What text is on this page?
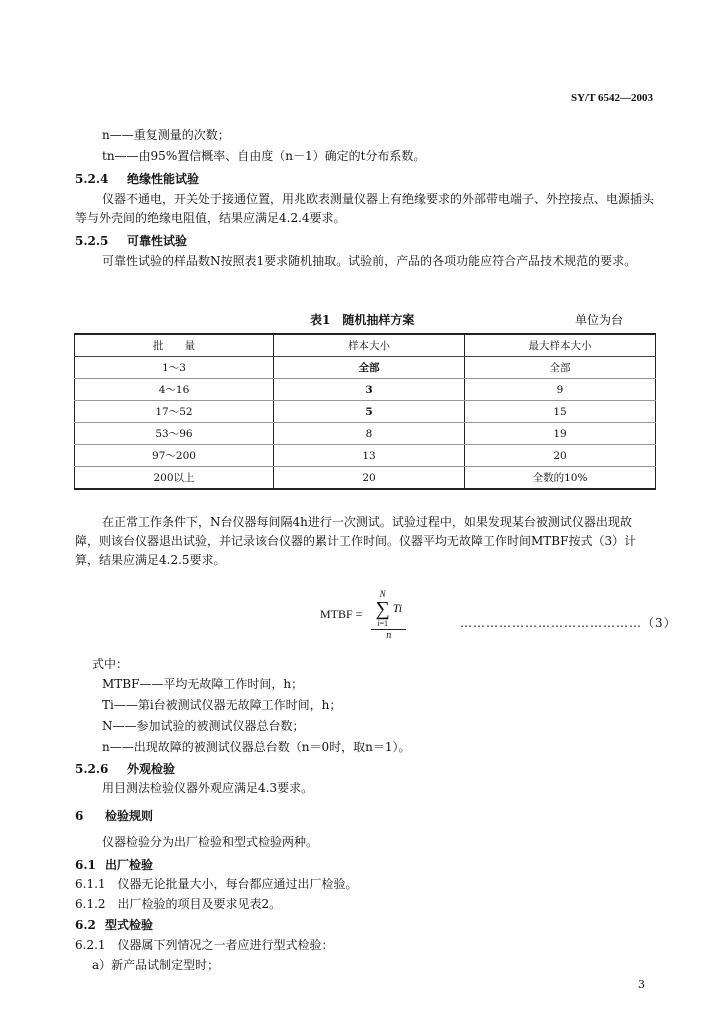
SY/T 6542—2003
n——重复测量的次数；
tn——由95%置信概率、自由度（n－1）确定的t分布系数。
5.2.4 绝缘性能试验
仪器不通电，开关处于接通位置，用兆欧表测量仪器上有绝缘要求的外部带电端子、外控接点、电源插头等与外壳间的绝缘电阻值，结果应满足4.2.4要求。
5.2.5 可靠性试验
可靠性试验的样品数N按照表1要求随机抽取。试验前，产品的各项功能应符合产品技术规范的要求。
表1　随机抽样方案	单位为台
批　　量	样本大小	最大样本大小
1～3	全部	全部
4～16	3	9
17～52	5	15
53～96	8	19
97～200	13	20
200以上	20	全数的10%
在正常工作条件下，N台仪器每间隔4h进行一次测试。试验过程中，如果发现某台被测试仪器出现故障，则该台仪器退出试验，并记录该台仪器的累计工作时间。仪器平均无故障工作时间MTBF按式（3）计算，结果应满足4.2.5要求。
MTBF = N
∑
i=1
Ti
n	……………………………………（3）
式中：
MTBF——平均无故障工作时间，h；
Ti——第i台被测试仪器无故障工作时间，h；
N——参加试验的被测试仪器总台数；
n——出现故障的被测试仪器总台数（n＝0时，取n＝1）。
5.2.6 外观检验
用目测法检验仪器外观应满足4.3要求。
6 检验规则
仪器检验分为出厂检验和型式检验两种。
6.1 出厂检验
6.1.1　仪器无论批量大小，每台都应通过出厂检验。
6.1.2　出厂检验的项目及要求见表2。
6.2 型式检验
6.2.1　仪器属下列情况之一者应进行型式检验：
a）新产品试制定型时；
3
